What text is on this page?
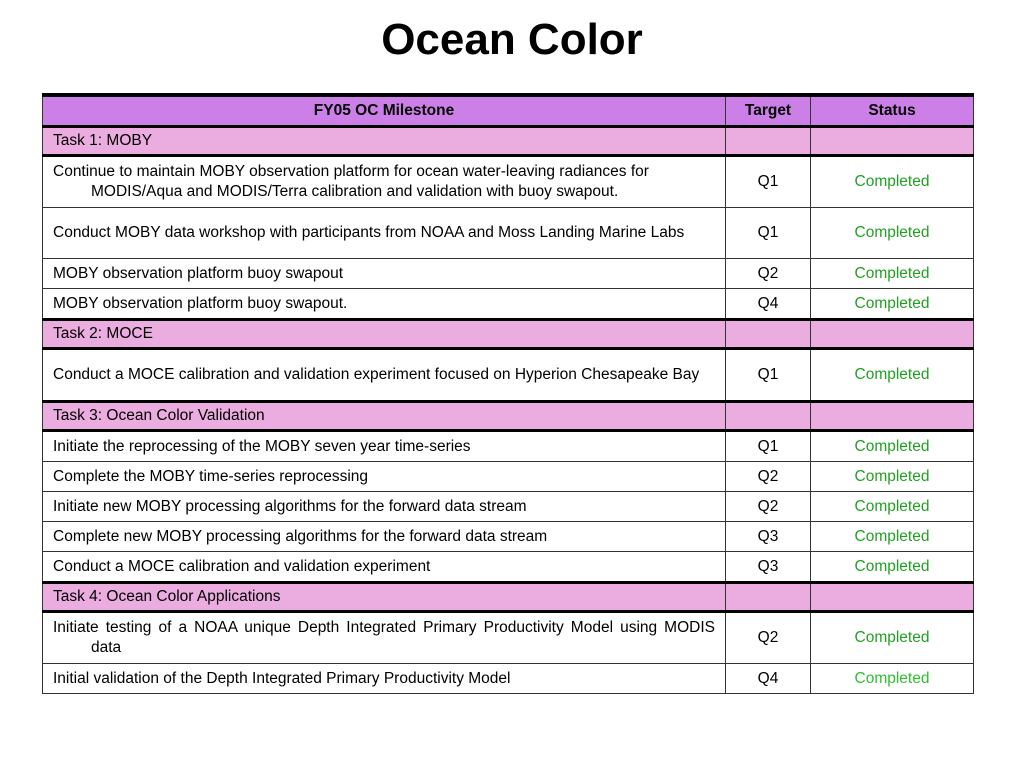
Ocean Color
FY05 OC Milestone	Target	Status

Task 1: MOBY		

Continue to maintain MOBY observation platform for ocean water-leaving radiances for MODIS/Aqua and MODIS/Terra calibration and validation with buoy swapout.	Q1	Completed

Conduct MOBY data workshop with participants from NOAA and Moss Landing Marine Labs	Q1	Completed

MOBY observation platform buoy swapout	Q2	Completed

MOBY observation platform buoy swapout.	Q4	Completed

Task 2: MOCE		

Conduct a MOCE calibration and validation experiment focused on Hyperion Chesapeake Bay	Q1	Completed

Task 3: Ocean Color Validation		

Initiate the reprocessing of the MOBY seven year time-series	Q1	Completed

Complete the MOBY time-series reprocessing	Q2	Completed

Initiate new MOBY processing algorithms for the forward data stream	Q2	Completed

Complete new MOBY processing algorithms for the forward data stream	Q3	Completed

Conduct a MOCE calibration and validation experiment	Q3	Completed

Task 4: Ocean Color Applications		

Initiate testing of a NOAA unique Depth Integrated Primary Productivity Model using MODIS data	Q2	Completed

Initial validation of the Depth Integrated Primary Productivity Model	Q4	Completed
